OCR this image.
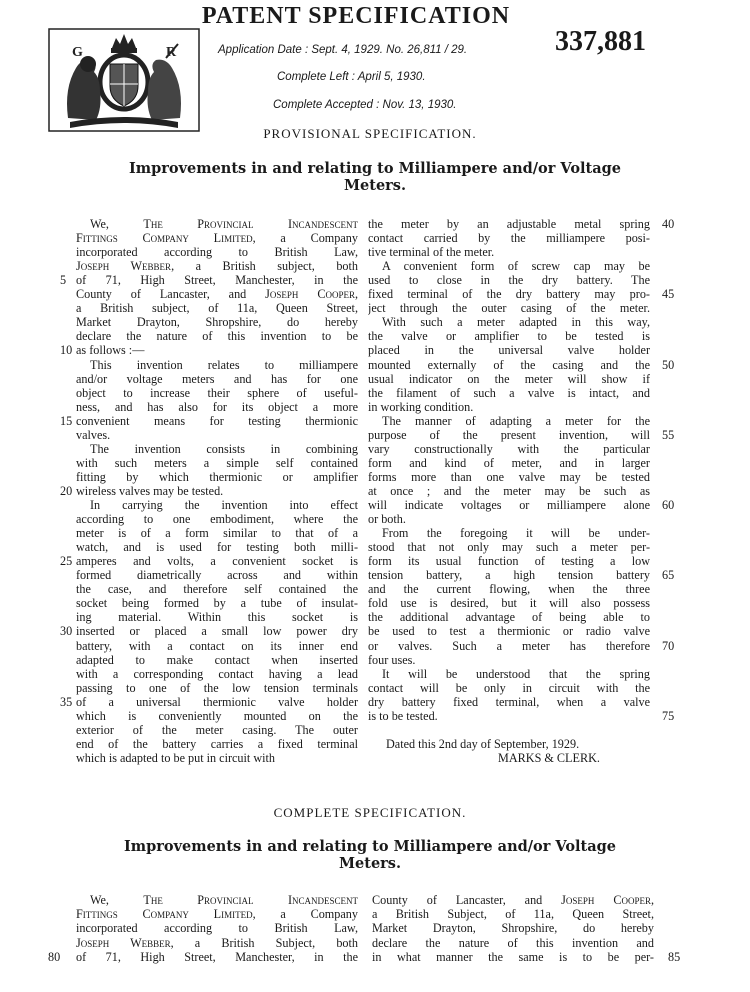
PATENT SPECIFICATION
337,881
G	R	Application Date : Sept. 4, 1929. No. 26,811 / 29.
Complete Left : April 5, 1930.
Complete Accepted : Nov. 13, 1930.
PROVISIONAL SPECIFICATION.
Improvements in and relating to Milliampere and/or Voltage
Meters.
We, The Provincial Incandescent
Fittings Company Limited, a Company
incorporated according to British Law,
Joseph Webber, a British subject, both
of 71, High Street, Manchester, in the
County of Lancaster, and Joseph Cooper,
a British subject, of 11a, Queen Street,
Market Drayton, Shropshire, do hereby
declare the nature of this invention to be
as follows :—
This invention relates to milliampere
and/or voltage meters and has for one
object to increase their sphere of useful-
ness, and has also for its object a more
convenient means for testing thermionic
valves.
The invention consists in combining
with such meters a simple self contained
fitting by which thermionic or amplifier
wireless valves may be tested.
In carrying the invention into effect
according to one embodiment, where the
meter is of a form similar to that of a
watch, and is used for testing both milli-
amperes and volts, a convenient socket is
formed diametrically across and within
the case, and therefore self contained the
socket being formed by a tube of insulat-
ing material. Within this socket is
inserted or placed a small low power dry
battery, with a contact on its inner end
adapted to make contact when inserted
with a corresponding contact having a lead
passing to one of the low tension terminals
of a universal thermionic valve holder
which is conveniently mounted on the
exterior of the meter casing. The outer
end of the battery carries a fixed terminal
which is adapted to be put in circuit with
the meter by an adjustable metal spring
contact carried by the milliampere posi-
tive terminal of the meter.
A convenient form of screw cap may be
used to close in the dry battery. The
fixed terminal of the dry battery may pro-
ject through the outer casing of the meter.
With such a meter adapted in this way,
the valve or amplifier to be tested is
placed in the universal valve holder
mounted externally of the casing and the
usual indicator on the meter will show if
the filament of such a valve is intact, and
in working condition.
The manner of adapting a meter for the
purpose of the present invention, will
vary constructionally with the particular
form and kind of meter, and in larger
forms more than one valve may be tested
at once ; and the meter may be such as
will indicate voltages or milliampere alone
or both.
From the foregoing it will be under-
stood that not only may such a meter per-
form its usual function of testing a low
tension battery, a high tension battery
and the current flowing, when the three
fold use is desired, but it will also possess
the additional advantage of being able to
be used to test a thermionic or radio valve
or valves. Such a meter has therefore
four uses.
It will be understood that the spring
contact will be only in circuit with the
dry battery fixed terminal, when a valve
is to be tested.
Dated this 2nd day of September, 1929.
MARKS & CLERK.
5
10
15
20
25
30
35
40
45
50
55
60
65
70
75
COMPLETE SPECIFICATION.
Improvements in and relating to Milliampere and/or Voltage
Meters.
We, The Provincial Incandescent
Fittings Company Limited, a Company
incorporated according to British Law,
Joseph Webber, a British Subject, both
of 71, High Street, Manchester, in the
County of Lancaster, and Joseph Cooper,
a British Subject, of 11a, Queen Street,
Market Drayton, Shropshire, do hereby
declare the nature of this invention and
in what manner the same is to be per-
80	85
